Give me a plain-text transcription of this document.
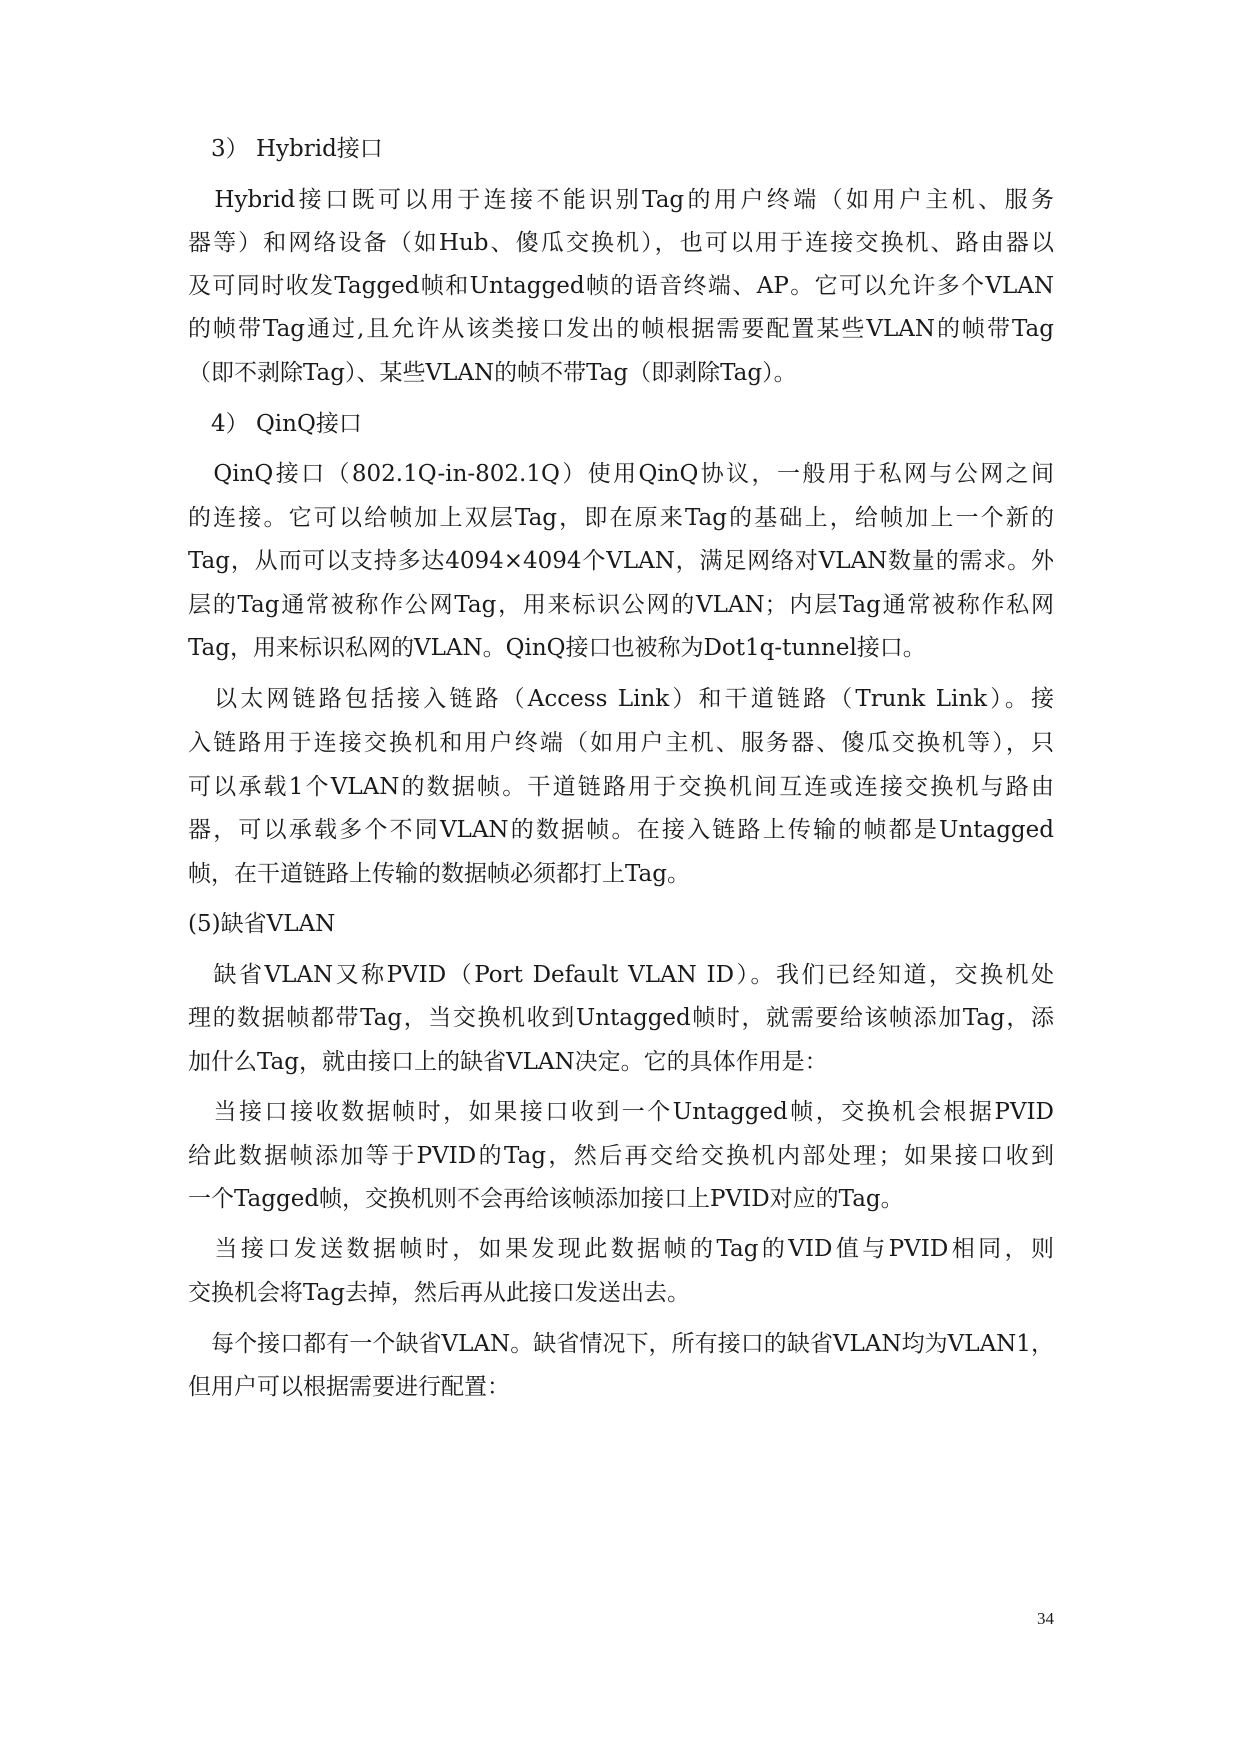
　3） Hybrid接口

　Hybrid接口既可以用于连接不能识别Tag的用户终端（如用户主机、服务

器等）和网络设备（如Hub、傻瓜交换机），也可以用于连接交换机、路由器以

及可同时收发Tagged帧和Untagged帧的语音终端、AP。它可以允许多个VLAN

的帧带Tag通过,且允许从该类接口发出的帧根据需要配置某些VLAN的帧带Tag

（即不剥除Tag）、某些VLAN的帧不带Tag（即剥除Tag）。

　4） QinQ接口

　QinQ接口（802.1Q-in-802.1Q）使用QinQ协议，一般用于私网与公网之间

的连接。它可以给帧加上双层Tag，即在原来Tag的基础上，给帧加上一个新的

Tag，从而可以支持多达4094×4094个VLAN，满足网络对VLAN数量的需求。外

层的Tag通常被称作公网Tag，用来标识公网的VLAN；内层Tag通常被称作私网

Tag，用来标识私网的VLAN。QinQ接口也被称为Dot1q-tunnel接口。

　以太网链路包括接入链路（Access Link）和干道链路（Trunk Link）。接

入链路用于连接交换机和用户终端（如用户主机、服务器、傻瓜交换机等），只

可以承载1个VLAN的数据帧。干道链路用于交换机间互连或连接交换机与路由

器，可以承载多个不同VLAN的数据帧。在接入链路上传输的帧都是Untagged

帧，在干道链路上传输的数据帧必须都打上Tag。

(5)缺省VLAN

　缺省VLAN又称PVID（Port Default VLAN ID）。我们已经知道，交换机处

理的数据帧都带Tag，当交换机收到Untagged帧时，就需要给该帧添加Tag，添

加什么Tag，就由接口上的缺省VLAN决定。它的具体作用是：

　当接口接收数据帧时，如果接口收到一个Untagged帧，交换机会根据PVID

给此数据帧添加等于PVID的Tag，然后再交给交换机内部处理；如果接口收到

一个Tagged帧，交换机则不会再给该帧添加接口上PVID对应的Tag。

　当接口发送数据帧时，如果发现此数据帧的Tag的VID值与PVID相同，则

交换机会将Tag去掉，然后再从此接口发送出去。

　每个接口都有一个缺省VLAN。缺省情况下，所有接口的缺省VLAN均为VLAN1，

但用户可以根据需要进行配置：

34
